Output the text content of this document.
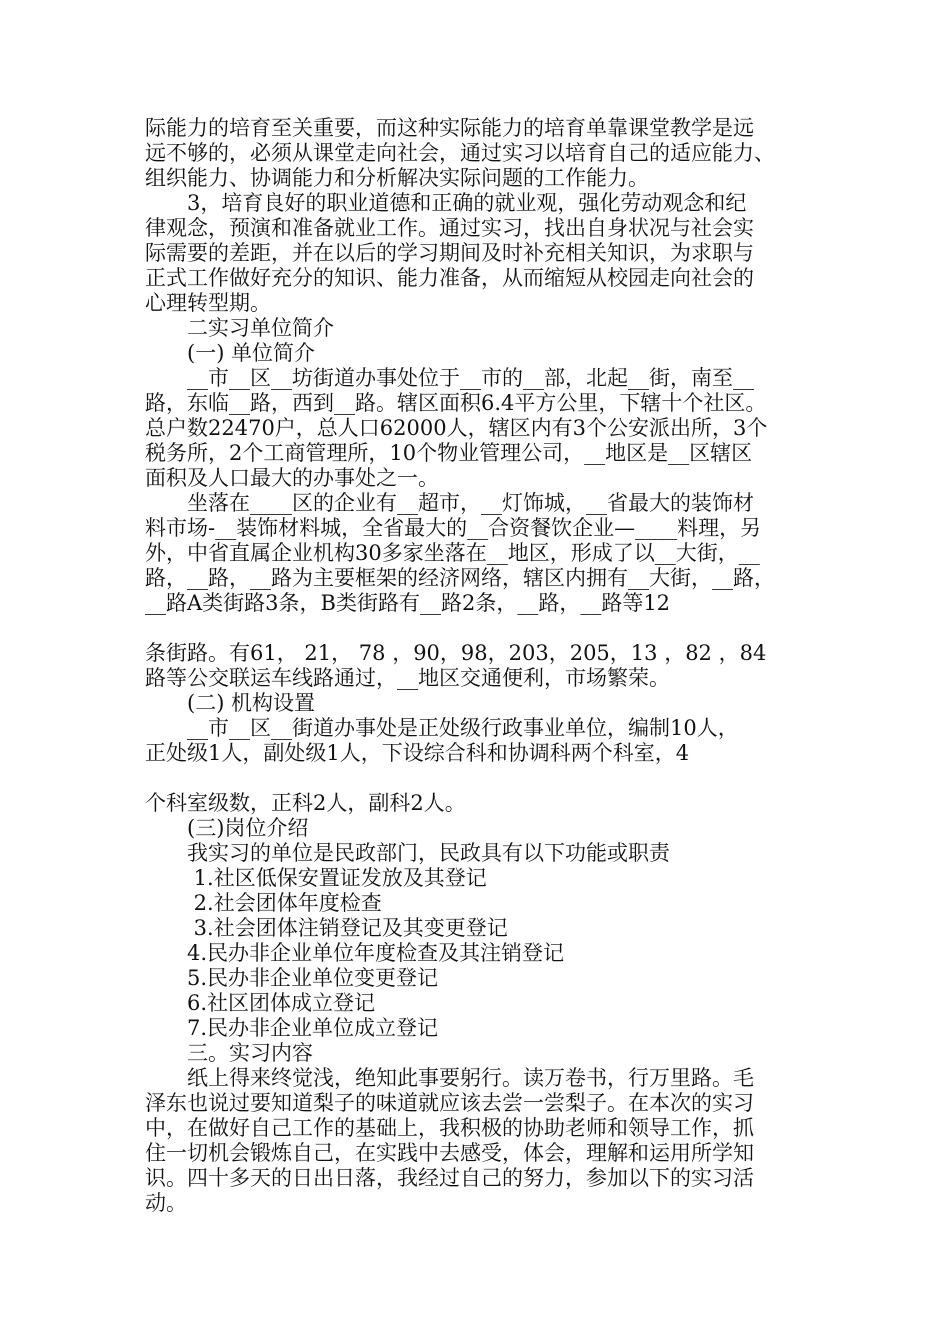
际能力的培育至关重要，而这种实际能力的培育单靠课堂教学是远
远不够的，必须从课堂走向社会，通过实习以培育自己的适应能力、
组织能力、协调能力和分析解决实际问题的工作能力。
　　3，培育良好的职业道德和正确的就业观，强化劳动观念和纪
律观念，预演和准备就业工作。通过实习，找出自身状况与社会实
际需要的差距，并在以后的学习期间及时补充相关知识，为求职与
正式工作做好充分的知识、能力准备，从而缩短从校园走向社会的
心理转型期。
　　二实习单位简介
　　(一) 单位简介
　　__市__区__坊街道办事处位于__市的__部，北起__街，南至__
路，东临__路，西到__路。辖区面积6.4平方公里，下辖十个社区。
总户数22470户，总人口62000人，辖区内有3个公安派出所，3个
税务所，2个工商管理所，10个物业管理公司，__地区是__区辖区
面积及人口最大的办事处之一。
　　坐落在____区的企业有__超市，__灯饰城，__省最大的装饰材
料市场-__装饰材料城，全省最大的__合资餐饮企业—____料理，另
外，中省直属企业机构30多家坐落在__地区，形成了以__大街，__
路，__路，__路为主要框架的经济网络，辖区内拥有__大街，__路，
__路A类街路3条，B类街路有__路2条，__路，__路等12
条街路。有61， 21， 78 ，90，98，203，205，13 ，82 ，84
路等公交联运车线路通过，__地区交通便利，市场繁荣。
　　(二) 机构设置
　　__市__区__街道办事处是正处级行政事业单位，编制10人，
正处级1人，副处级1人，下设综合科和协调科两个科室，4
个科室级数，正科2人，副科2人。
　　(三)岗位介绍
　　我实习的单位是民政部门，民政具有以下功能或职责
　　 1.社区低保安置证发放及其登记
　　 2.社会团体年度检查
　　 3.社会团体注销登记及其变更登记
　　4.民办非企业单位年度检查及其注销登记
　　5.民办非企业单位变更登记
　　6.社区团体成立登记
　　7.民办非企业单位成立登记
　　三。实习内容
　　纸上得来终觉浅，绝知此事要躬行。读万卷书，行万里路。毛
泽东也说过要知道梨子的味道就应该去尝一尝梨子。在本次的实习
中，在做好自己工作的基础上，我积极的协助老师和领导工作，抓
住一切机会锻炼自己，在实践中去感受，体会，理解和运用所学知
识。四十多天的日出日落，我经过自己的努力，参加以下的实习活
动。
